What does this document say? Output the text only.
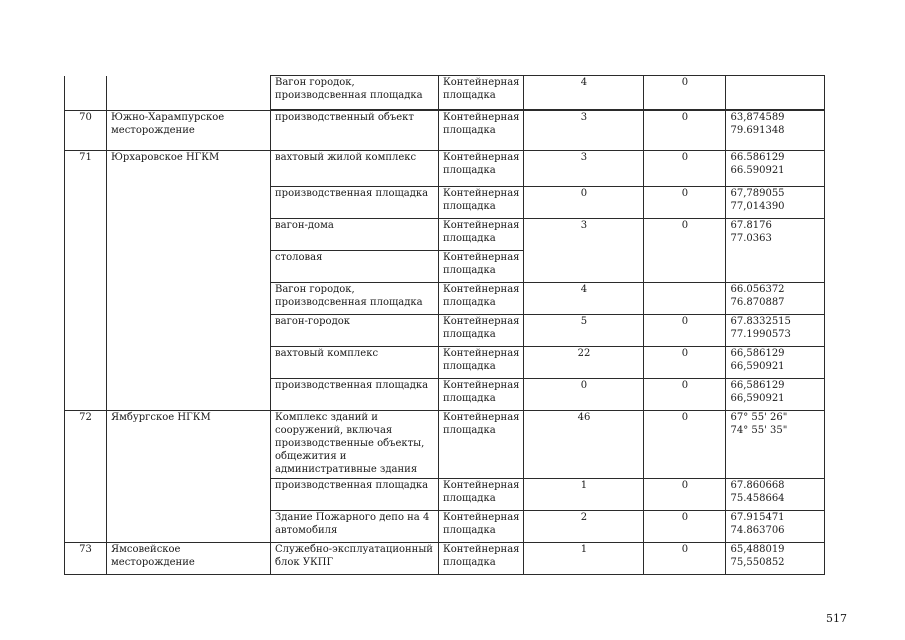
		Вагон городок,
производсвенная площадка	Контейнерная
площадка	4	0	

70	Южно-Харампурское
месторождение	производственный объект	Контейнерная
площадка	3	0	63,874589
79.691348
71	Юрхаровское НГКМ	вахтовый жилой комплекс	Контейнерная
площадка	3	0	66.586129
66.590921
		производственная площадка	Контейнерная
площадка	0	0	67,789055
77,014390
		вагон-дома	Контейнерная
площадка	3	0	67.8176
77.0363
		столовая	Контейнерная
площадка			
		Вагон городок,
производсвенная площадка	Контейнерная
площадка	4		66.056372
76.870887
		вагон-городок	Контейнерная
площадка	5	0	67.8332515
77.1990573
		вахтовый комплекс	Контейнерная
площадка	22	0	66,586129
66,590921
		производственная площадка	Контейнерная
площадка	0	0	66,586129
66,590921
72	Ямбургское НГКМ	Комплекс зданий и
сооружений, включая
производственные объекты,
общежития и
административные здания	Контейнерная
площадка	46	0	67° 55' 26"
74° 55' 35"
		производственная площадка	Контейнерная
площадка	1	0	67.860668
75.458664
		Здание Пожарного депо на 4
автомобиля	Контейнерная
площадка	2	0	67.915471
74.863706
73	Ямсовейское месторождение	Служебно-эксплуатационный
блок УКПГ	Контейнерная
площадка	1	0	65,488019
75,550852
517
